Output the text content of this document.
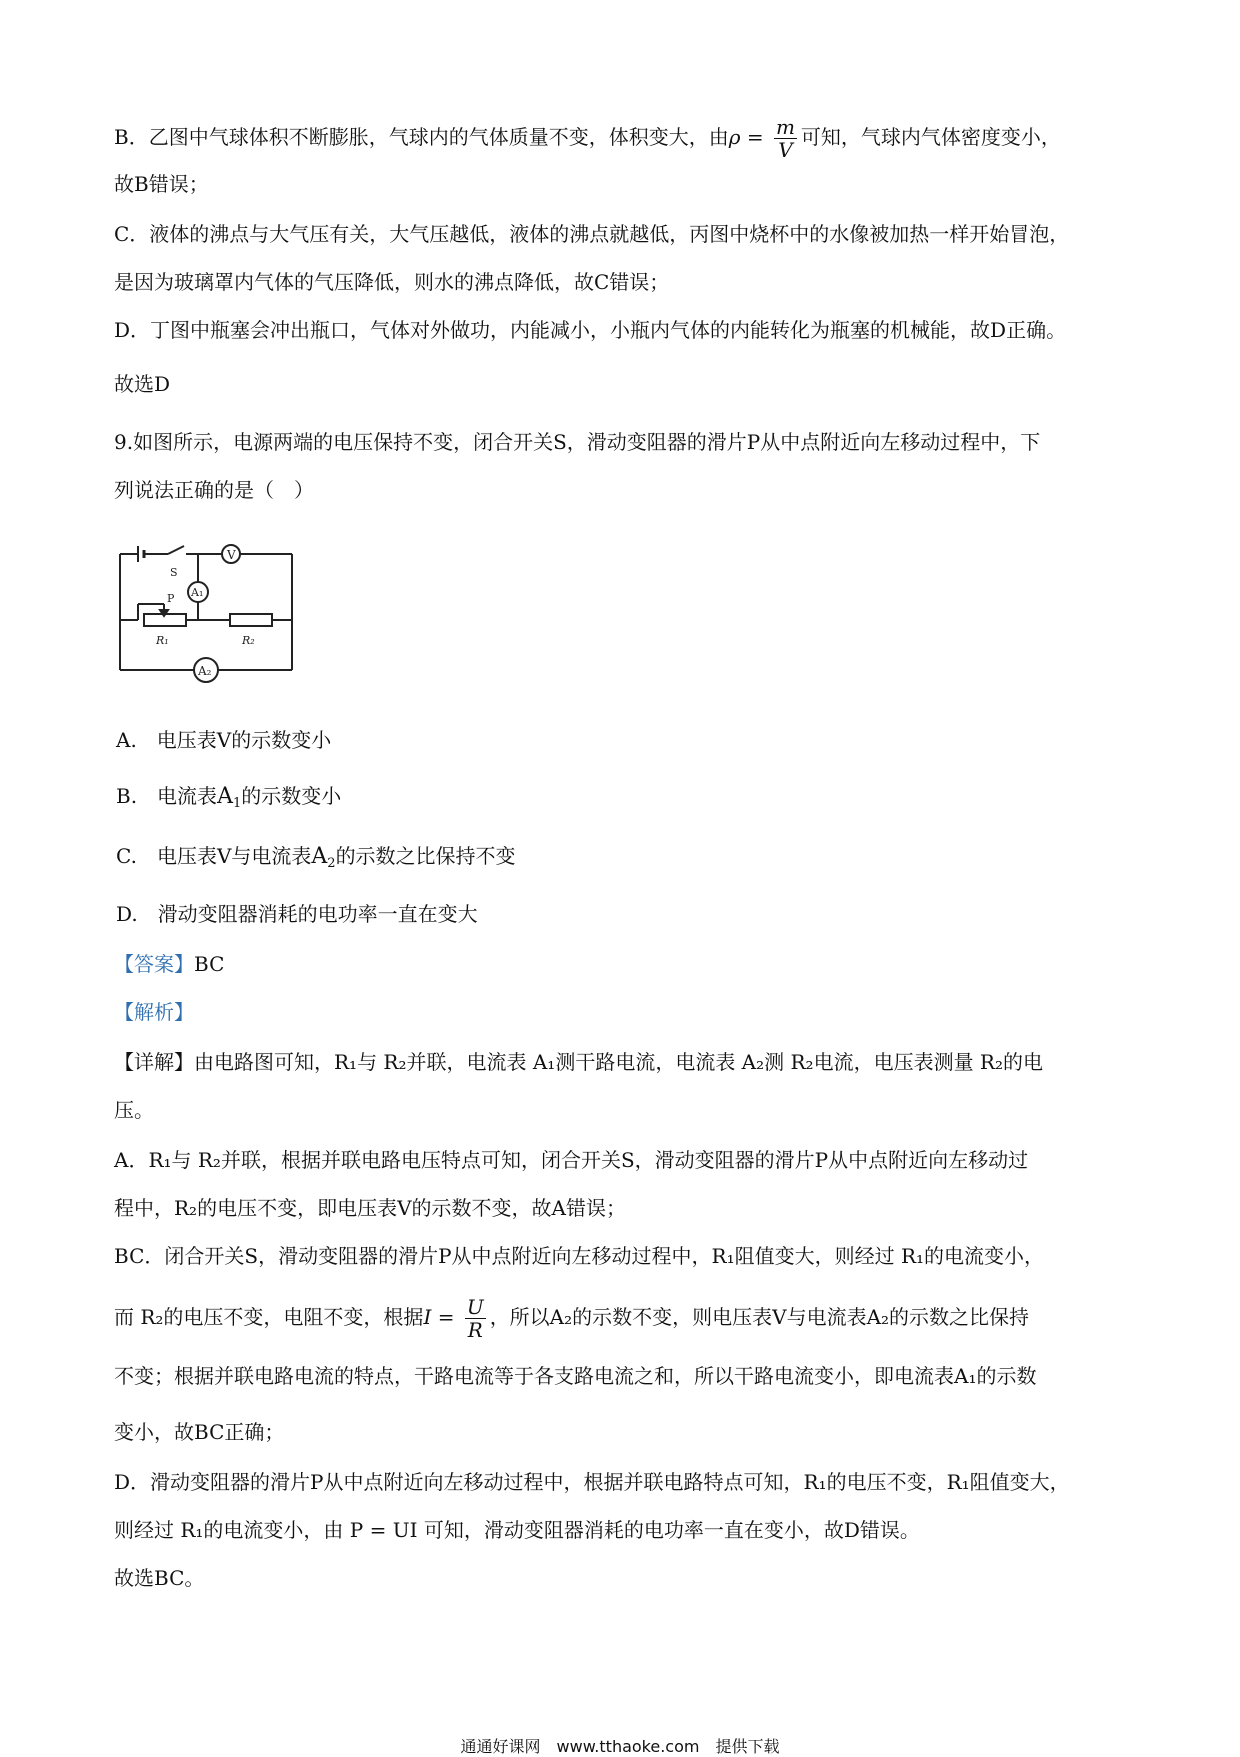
B．乙图中气球体积不断膨胀，气球内的气体质量不变，体积变大，由$\rho = \frac{m}{V}$ 可知，气球内气体密度变小，
故B错误；
C．液体的沸点与大气压有关，大气压越低，液体的沸点就越低，丙图中烧杯中的水像被加热一样开始冒泡，
是因为玻璃罩内气体的气压降低，则水的沸点降低，故C错误；
D．丁图中瓶塞会冲出瓶口，气体对外做功，内能减小，小瓶内气体的内能转化为瓶塞的机械能，故D正确。
故选D
9.如图所示，电源两端的电压保持不变，闭合开关S，滑动变阻器的滑片P从中点附近向左移动过程中，下
列说法正确的是（　）
V
A₁
A₂
S
P
R₁	R₂
A.　电压表V的示数变小
B.　电流表$A_1$的示数变小
C.　电压表V与电流表$A_2$的示数之比保持不变
D.　滑动变阻器消耗的电功率一直在变大
【答案】BC
【解析】
【详解】由电路图可知，R₁与 R₂并联，电流表 A₁测干路电流，电流表 A₂测 R₂电流，电压表测量 R₂的电
压。
A．R₁与 R₂并联，根据并联电路电压特点可知，闭合开关S，滑动变阻器的滑片P从中点附近向左移动过
程中，R₂的电压不变，即电压表V的示数不变，故A错误；
BC．闭合开关S，滑动变阻器的滑片P从中点附近向左移动过程中，R₁阻值变大，则经过 R₁的电流变小，
而 R₂的电压不变，电阻不变，根据$I = \frac{U}{R}$ ，所以A₂的示数不变，则电压表V与电流表A₂的示数之比保持
不变；根据并联电路电流的特点，干路电流等于各支路电流之和，所以干路电流变小，即电流表A₁的示数
变小，故BC正确；
D．滑动变阻器的滑片P从中点附近向左移动过程中，根据并联电路特点可知，R₁的电压不变，R₁阻值变大，
则经过 R₁的电流变小，由 P = UI 可知，滑动变阻器消耗的电功率一直在变小，故D错误。
故选BC。
通通好课网　www.tthaoke.com　提供下载
